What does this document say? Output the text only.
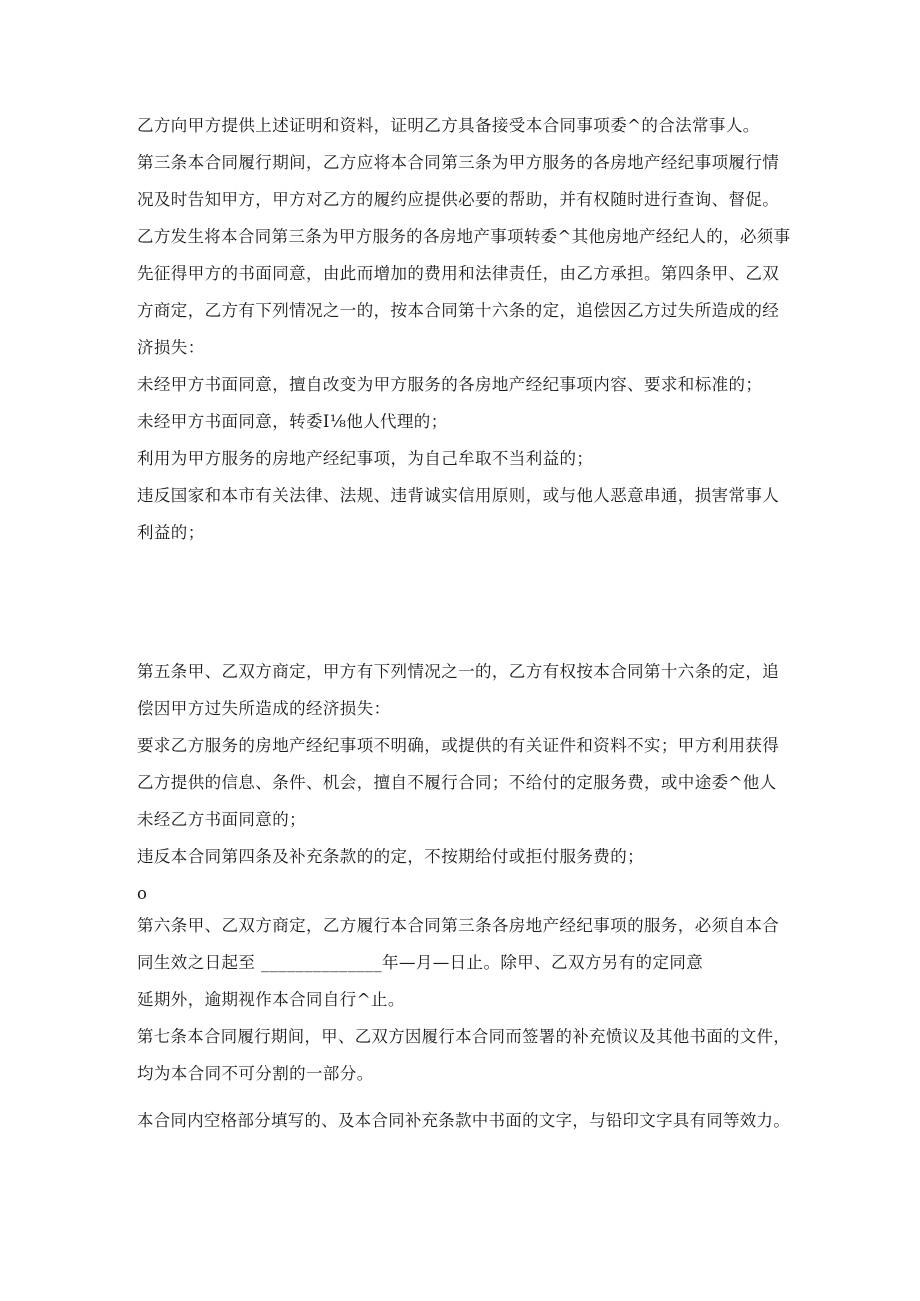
乙方向甲方提供上述证明和资料，证明乙方具备接受本合同事项委^的合法常事人。
第三条本合同履行期间，乙方应将本合同第三条为甲方服务的各房地产经纪事项履行情
况及时告知甲方，甲方对乙方的履约应提供必要的帮助，并有权随时进行查询、督促。
乙方发生将本合同第三条为甲方服务的各房地产事项转委^其他房地产经纪人的，必须事
先征得甲方的书面同意，由此而增加的费用和法律责任，由乙方承担。第四条甲、乙双
方商定，乙方有下列情况之一的，按本合同第十六条的定，追偿因乙方过失所造成的经
济损失：
未经甲方书面同意，擅自改变为甲方服务的各房地产经纪事项内容、要求和标准的；
未经甲方书面同意，转委I⅛他人代理的；
利用为甲方服务的房地产经纪事项，为自己牟取不当利益的；
违反国家和本市有关法律、法规、违背诚实信用原则，或与他人恶意串通，损害常事人
利益的；
第五条甲、乙双方商定，甲方有下列情况之一的，乙方有权按本合同第十六条的定，追
偿因甲方过失所造成的经济损失：
要求乙方服务的房地产经纪事项不明确，或提供的有关证件和资料不实；甲方利用获得
乙方提供的信息、条件、机会，擅自不履行合同；不给付的定服务费，或中途委^他人
未经乙方书面同意的；
违反本合同第四条及补充条款的的定，不按期给付或拒付服务费的；
o
第六条甲、乙双方商定，乙方履行本合同第三条各房地产经纪事项的服务，必须自本合
同生效之日起至 ______________年—月—日止。除甲、乙双方另有的定同意
延期外，逾期视作本合同自行^止。
第七条本合同履行期间，甲、乙双方因履行本合同而签署的补充愤议及其他书面的文件，
均为本合同不可分割的一部分。
本合同内空格部分填写的、及本合同补充条款中书面的文字，与铅印文字具有同等效力。
